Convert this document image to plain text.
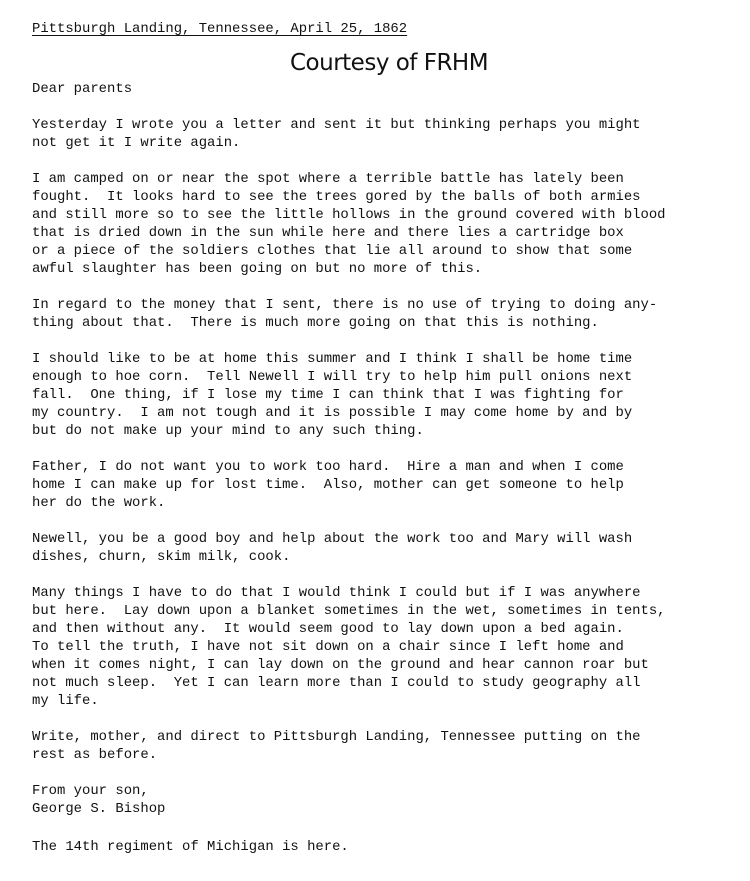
Pittsburgh Landing, Tennessee, April 25, 1862
Courtesy of FRHM

Dear parents

Yesterday I wrote you a letter and sent it but thinking perhaps you might
not get it I write again.

I am camped on or near the spot where a terrible battle has lately been
fought.  It looks hard to see the trees gored by the balls of both armies
and still more so to see the little hollows in the ground covered with blood
that is dried down in the sun while here and there lies a cartridge box
or a piece of the soldiers clothes that lie all around to show that some
awful slaughter has been going on but no more of this.

In regard to the money that I sent, there is no use of trying to doing any-
thing about that.  There is much more going on that this is nothing.

I should like to be at home this summer and I think I shall be home time
enough to hoe corn.  Tell Newell I will try to help him pull onions next
fall.  One thing, if I lose my time I can think that I was fighting for
my country.  I am not tough and it is possible I may come home by and by
but do not make up your mind to any such thing.

Father, I do not want you to work too hard.  Hire a man and when I come
home I can make up for lost time.  Also, mother can get someone to help
her do the work.

Newell, you be a good boy and help about the work too and Mary will wash
dishes, churn, skim milk, cook.

Many things I have to do that I would think I could but if I was anywhere
but here.  Lay down upon a blanket sometimes in the wet, sometimes in tents,
and then without any.  It would seem good to lay down upon a bed again.
To tell the truth, I have not sit down on a chair since I left home and
when it comes night, I can lay down on the ground and hear cannon roar but
not much sleep.  Yet I can learn more than I could to study geography all
my life.

Write, mother, and direct to Pittsburgh Landing, Tennessee putting on the
rest as before.

From your son,
George S. Bishop

The 14th regiment of Michigan is here.
